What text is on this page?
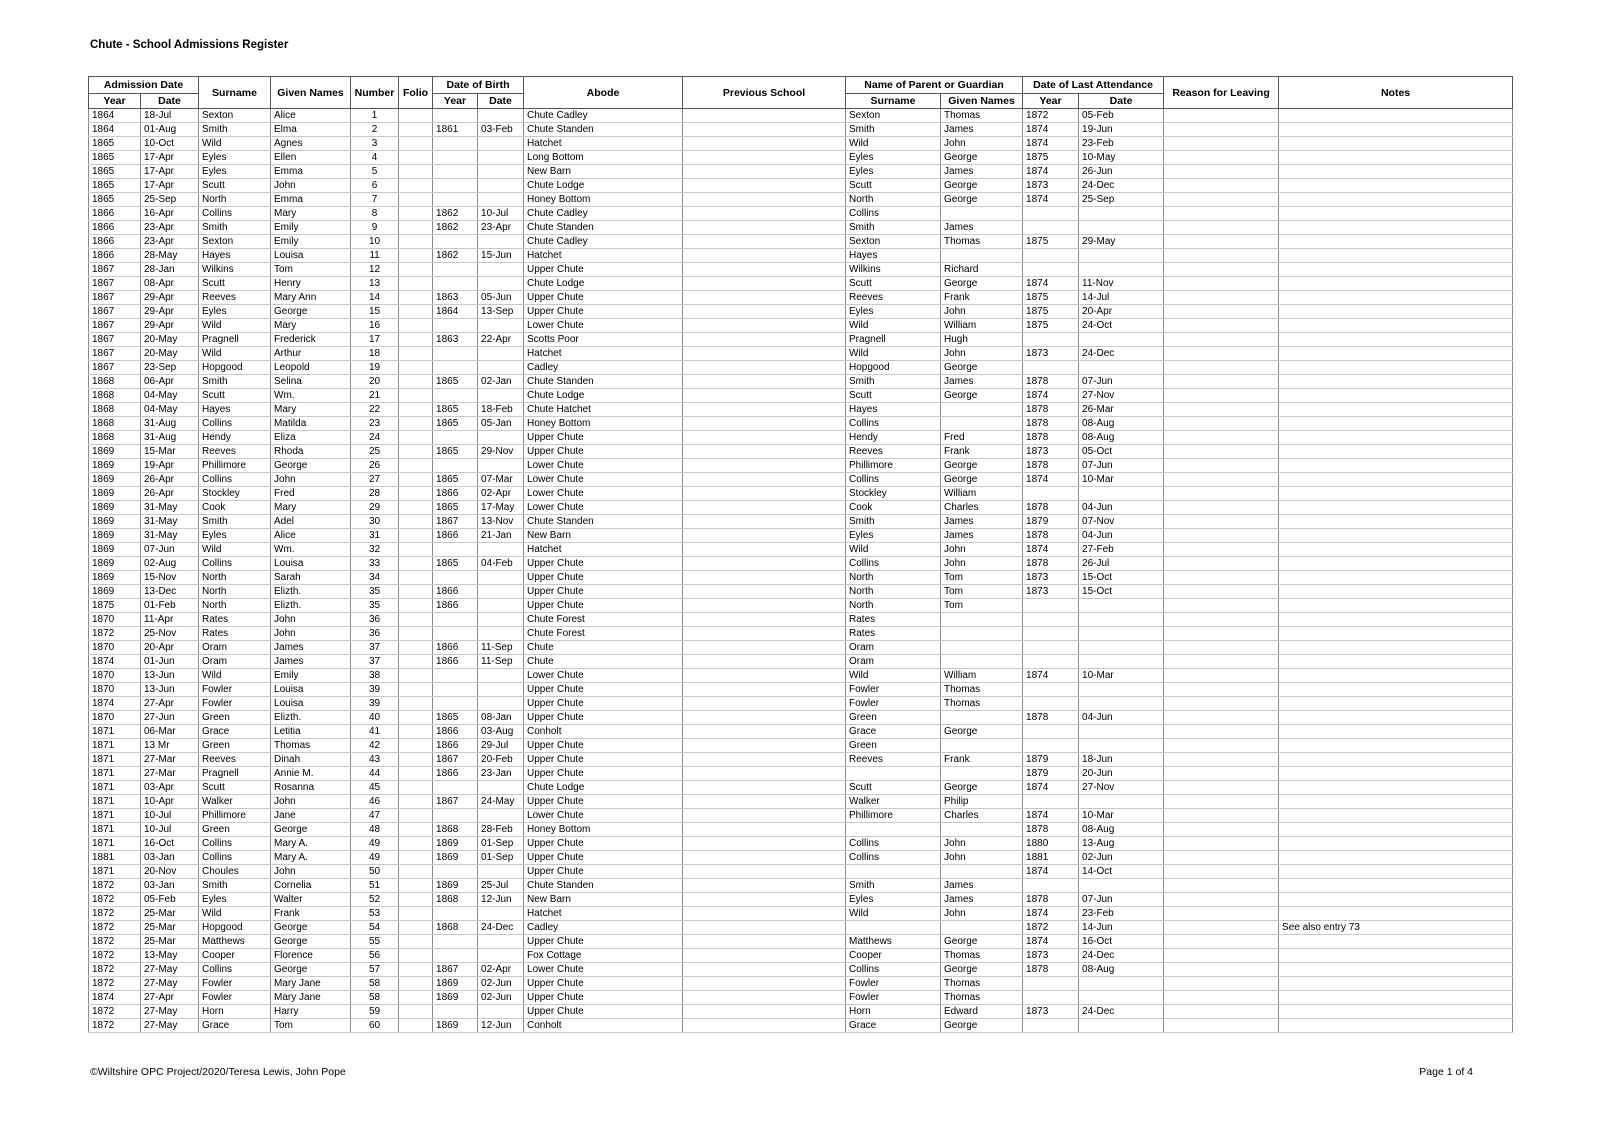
Chute - School Admissions Register
Admission Date		Surname	Given Names	Number	Folio	Date of Birth		Abode	Previous School	Name of Parent or Guardian		Date of Last Attendance		Reason for Leaving	Notes
Year	Date					Year	Date			Surname	Given Names	Year	Date		
1864	18-Jul	Sexton	Alice	1				Chute Cadley		Sexton	Thomas	1872	05-Feb		
1864	01-Aug	Smith	Elma	2		1861	03-Feb	Chute Standen		Smith	James	1874	19-Jun		
1865	10-Oct	Wild	Agnes	3				Hatchet		Wild	John	1874	23-Feb		
1865	17-Apr	Eyles	Ellen	4				Long Bottom		Eyles	George	1875	10-May		
1865	17-Apr	Eyles	Emma	5				New Barn		Eyles	James	1874	26-Jun		
1865	17-Apr	Scutt	John	6				Chute Lodge		Scutt	George	1873	24-Dec		
1865	25-Sep	North	Emma	7				Honey Bottom		North	George	1874	25-Sep		
1866	16-Apr	Collins	Mary	8		1862	10-Jul	Chute Cadley		Collins					
1866	23-Apr	Smith	Emily	9		1862	23-Apr	Chute Standen		Smith	James				
1866	23-Apr	Sexton	Emily	10				Chute Cadley		Sexton	Thomas	1875	29-May		
1866	28-May	Hayes	Louisa	11		1862	15-Jun	Hatchet		Hayes					
1867	28-Jan	Wilkins	Tom	12				Upper Chute		Wilkins	Richard				
1867	08-Apr	Scutt	Henry	13				Chute Lodge		Scutt	George	1874	11-Nov		
1867	29-Apr	Reeves	Mary Ann	14		1863	05-Jun	Upper Chute		Reeves	Frank	1875	14-Jul		
1867	29-Apr	Eyles	George	15		1864	13-Sep	Upper Chute		Eyles	John	1875	20-Apr		
1867	29-Apr	Wild	Mary	16				Lower Chute		Wild	William	1875	24-Oct		
1867	20-May	Pragnell	Frederick	17		1863	22-Apr	Scotts Poor		Pragnell	Hugh				
1867	20-May	Wild	Arthur	18				Hatchet		Wild	John	1873	24-Dec		
1867	23-Sep	Hopgood	Leopold	19				Cadley		Hopgood	George				
1868	06-Apr	Smith	Selina	20		1865	02-Jan	Chute Standen		Smith	James	1878	07-Jun		
1868	04-May	Scutt	Wm.	21				Chute Lodge		Scutt	George	1874	27-Nov		
1868	04-May	Hayes	Mary	22		1865	18-Feb	Chute Hatchet		Hayes		1878	26-Mar		
1868	31-Aug	Collins	Matilda	23		1865	05-Jan	Honey Bottom		Collins		1878	08-Aug		
1868	31-Aug	Hendy	Eliza	24				Upper Chute		Hendy	Fred	1878	08-Aug		
1869	15-Mar	Reeves	Rhoda	25		1865	29-Nov	Upper Chute		Reeves	Frank	1873	05-Oct		
1869	19-Apr	Phillimore	George	26				Lower Chute		Phillimore	George	1878	07-Jun		
1869	26-Apr	Collins	John	27		1865	07-Mar	Lower Chute		Collins	George	1874	10-Mar		
1869	26-Apr	Stockley	Fred	28		1866	02-Apr	Lower Chute		Stockley	William				
1869	31-May	Cook	Mary	29		1865	17-May	Lower Chute		Cook	Charles	1878	04-Jun		
1869	31-May	Smith	Adel	30		1867	13-Nov	Chute Standen		Smith	James	1879	07-Nov		
1869	31-May	Eyles	Alice	31		1866	21-Jan	New Barn		Eyles	James	1878	04-Jun		
1869	07-Jun	Wild	Wm.	32				Hatchet		Wild	John	1874	27-Feb		
1869	02-Aug	Collins	Louisa	33		1865	04-Feb	Upper Chute		Collins	John	1878	26-Jul		
1869	15-Nov	North	Sarah	34				Upper Chute		North	Tom	1873	15-Oct		
1869	13-Dec	North	Elizth.	35		1866		Upper Chute		North	Tom	1873	15-Oct		
1875	01-Feb	North	Elizth.	35		1866		Upper Chute		North	Tom				
1870	11-Apr	Rates	John	36				Chute Forest		Rates					
1872	25-Nov	Rates	John	36				Chute Forest		Rates					
1870	20-Apr	Oram	James	37		1866	11-Sep	Chute		Oram					
1874	01-Jun	Oram	James	37		1866	11-Sep	Chute		Oram					
1870	13-Jun	Wild	Emily	38				Lower Chute		Wild	William	1874	10-Mar		
1870	13-Jun	Fowler	Louisa	39				Upper Chute		Fowler	Thomas				
1874	27-Apr	Fowler	Louisa	39				Upper Chute		Fowler	Thomas				
1870	27-Jun	Green	Elizth.	40		1865	08-Jan	Upper Chute		Green		1878	04-Jun		
1871	06-Mar	Grace	Letitia	41		1866	03-Aug	Conholt		Grace	George				
1871	13 Mr	Green	Thomas	42		1866	29-Jul	Upper Chute		Green					
1871	27-Mar	Reeves	Dinah	43		1867	20-Feb	Upper Chute		Reeves	Frank	1879	18-Jun		
1871	27-Mar	Pragnell	Annie M.	44		1866	23-Jan	Upper Chute				1879	20-Jun		
1871	03-Apr	Scutt	Rosanna	45				Chute Lodge		Scutt	George	1874	27-Nov		
1871	10-Apr	Walker	John	46		1867	24-May	Upper Chute		Walker	Philip				
1871	10-Jul	Phillimore	Jane	47				Lower Chute		Phillimore	Charles	1874	10-Mar		
1871	10-Jul	Green	George	48		1868	28-Feb	Honey Bottom				1878	08-Aug		
1871	16-Oct	Collins	Mary A.	49		1869	01-Sep	Upper Chute		Collins	John	1880	13-Aug		
1881	03-Jan	Collins	Mary A.	49		1869	01-Sep	Upper Chute		Collins	John	1881	02-Jun		
1871	20-Nov	Choules	John	50				Upper Chute				1874	14-Oct		
1872	03-Jan	Smith	Cornelia	51		1869	25-Jul	Chute Standen		Smith	James				
1872	05-Feb	Eyles	Walter	52		1868	12-Jun	New Barn		Eyles	James	1878	07-Jun		
1872	25-Mar	Wild	Frank	53				Hatchet		Wild	John	1874	23-Feb		
1872	25-Mar	Hopgood	George	54		1868	24-Dec	Cadley				1872	14-Jun		See also entry 73
1872	25-Mar	Matthews	George	55				Upper Chute		Matthews	George	1874	16-Oct		
1872	13-May	Cooper	Florence	56				Fox Cottage		Cooper	Thomas	1873	24-Dec		
1872	27-May	Collins	George	57		1867	02-Apr	Lower Chute		Collins	George	1878	08-Aug		
1872	27-May	Fowler	Mary Jane	58		1869	02-Jun	Upper Chute		Fowler	Thomas				
1874	27-Apr	Fowler	Mary Jane	58		1869	02-Jun	Upper Chute		Fowler	Thomas				
1872	27-May	Horn	Harry	59				Upper Chute		Horn	Edward	1873	24-Dec		
1872	27-May	Grace	Tom	60		1869	12-Jun	Conholt		Grace	George				
©Wiltshire OPC Project/2020/Teresa Lewis, John Pope	Page 1 of 4
